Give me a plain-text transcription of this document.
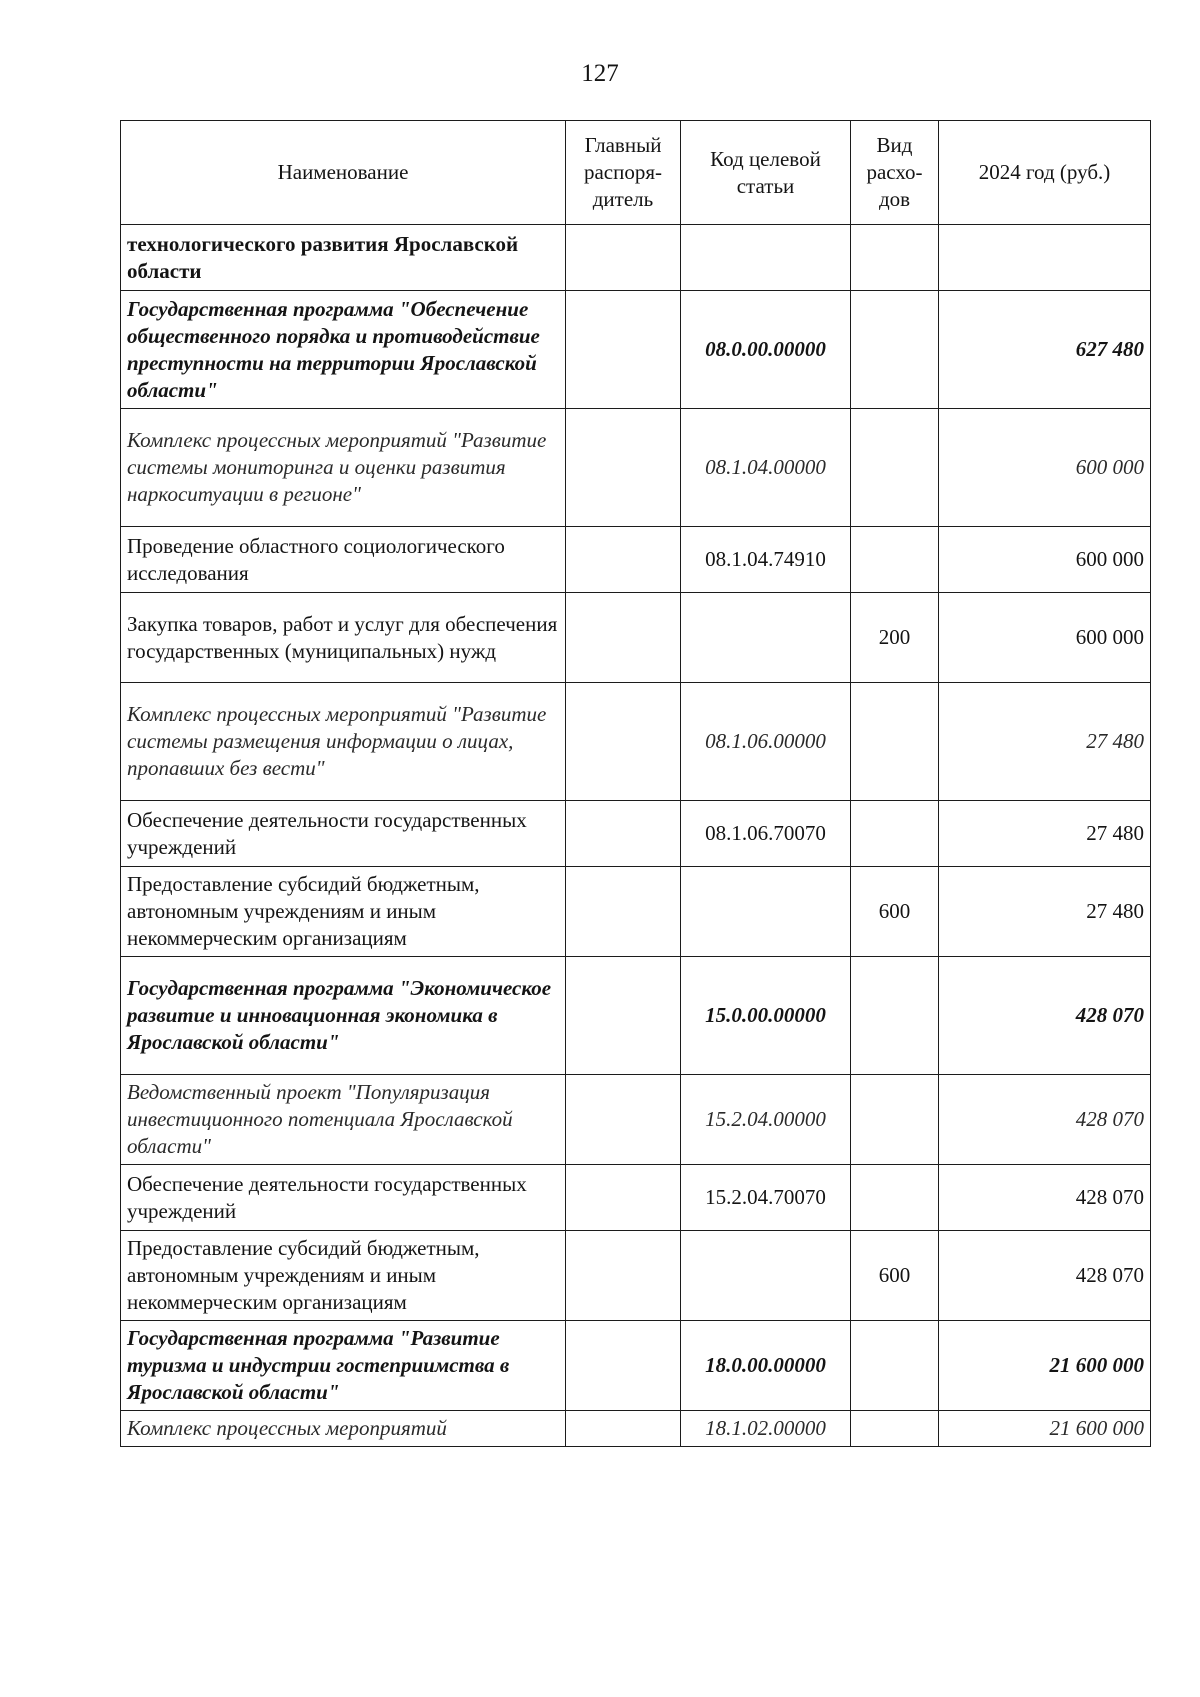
127
Наименование	Главный распоря-дитель	Код целевой статьи	Вид расхо-дов	2024 год (руб.)
технологического развития Ярославской области				
Государственная программа "Обеспечение общественного порядка и противодействие преступности на территории Ярославской области"		08.0.00.00000		627 480
Комплекс процессных мероприятий "Развитие системы мониторинга и оценки развития наркоситуации в регионе"		08.1.04.00000		600 000
Проведение областного социологического исследования		08.1.04.74910		600 000
Закупка товаров, работ и услуг для обеспечения государственных (муниципальных) нужд			200	600 000
Комплекс процессных мероприятий "Развитие системы размещения информации о лицах, пропавших без вести"		08.1.06.00000		27 480
Обеспечение деятельности государственных учреждений		08.1.06.70070		27 480
Предоставление субсидий бюджетным, автономным учреждениям и иным некоммерческим организациям			600	27 480
Государственная программа "Экономическое развитие и инновационная экономика в Ярославской области"		15.0.00.00000		428 070
Ведомственный проект "Популяризация инвестиционного потенциала Ярославской области"		15.2.04.00000		428 070
Обеспечение деятельности государственных учреждений		15.2.04.70070		428 070
Предоставление субсидий бюджетным, автономным учреждениям и иным некоммерческим организациям			600	428 070
Государственная программа "Развитие туризма и индустрии гостеприимства в Ярославской области"		18.0.00.00000		21 600 000
Комплекс процессных мероприятий		18.1.02.00000		21 600 000
